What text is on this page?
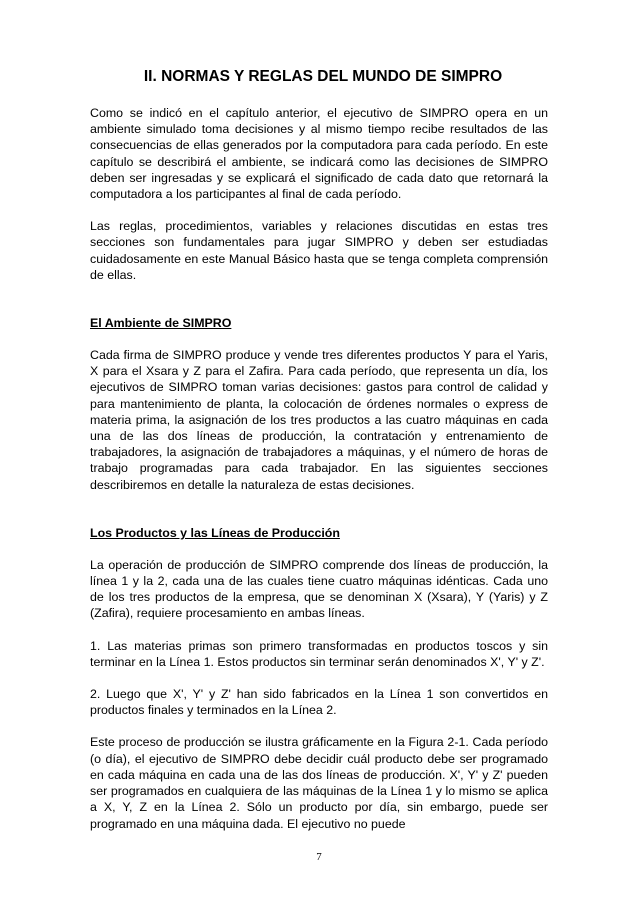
II. NORMAS Y REGLAS DEL MUNDO DE SIMPRO

Como se indicó en el capítulo anterior, el ejecutivo de SIMPRO opera en un ambiente simulado toma decisiones y al mismo tiempo recibe resultados de las consecuencias de ellas generados por la computadora para cada período. En este capítulo se describirá el ambiente, se indicará como las decisiones de SIMPRO deben ser ingresadas y se explicará el significado de cada dato que retornará la computadora a los participantes al final de cada período.

Las reglas, procedimientos, variables y relaciones discutidas en estas tres secciones son fundamentales para jugar SIMPRO y deben ser estudiadas cuidadosamente en este Manual Básico hasta que se tenga completa comprensión de ellas.

El Ambiente de SIMPRO

Cada firma de SIMPRO produce y vende tres diferentes productos Y para el Yaris, X para el Xsara y Z para el Zafira. Para cada período, que representa un día, los ejecutivos de SIMPRO toman varias decisiones: gastos para control de calidad y para mantenimiento de planta, la colocación de órdenes normales o express de materia prima, la asignación de los tres productos a las cuatro máquinas en cada una de las dos líneas de producción, la contratación y entrenamiento de trabajadores, la asignación de trabajadores a máquinas, y el número de horas de trabajo programadas para cada trabajador. En las siguientes secciones describiremos en detalle la naturaleza de estas decisiones.

Los Productos y las Líneas de Producción

La operación de producción de SIMPRO comprende dos líneas de producción, la línea 1 y la 2, cada una de las cuales tiene cuatro máquinas idénticas. Cada uno de los tres productos de la empresa, que se denominan X (Xsara), Y (Yaris) y Z (Zafira), requiere procesamiento en ambas líneas.

1. Las materias primas son primero transformadas en productos toscos y sin terminar en la Línea 1. Estos productos sin terminar serán denominados X', Y' y Z'.

2. Luego que X', Y' y Z' han sido fabricados en la Línea 1 son convertidos en productos finales y terminados en la Línea 2.

Este proceso de producción se ilustra gráficamente en la Figura 2-1. Cada período (o día), el ejecutivo de SIMPRO debe decidir cuál producto debe ser programado en cada máquina en cada una de las dos líneas de producción. X', Y' y Z' pueden ser programados en cualquiera de las máquinas de la Línea 1 y lo mismo se aplica a X, Y, Z en la Línea 2. Sólo un producto por día, sin embargo, puede ser programado en una máquina dada. El ejecutivo no puede

7
